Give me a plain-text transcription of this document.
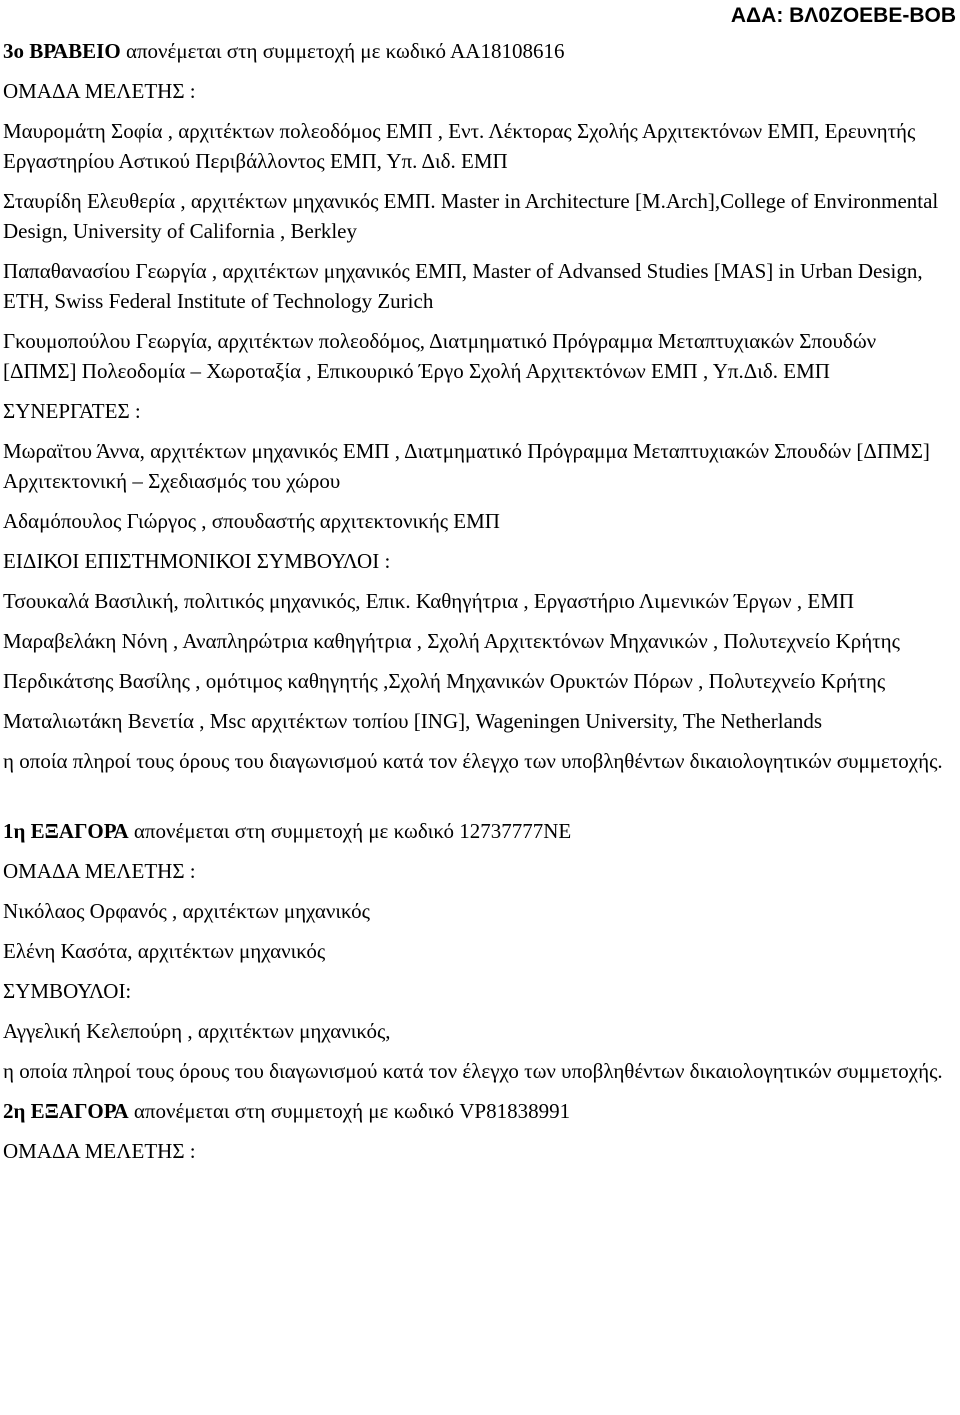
ΑΔΑ: ΒΛ0ΖΟΕΒΕ-ΒΟΒ
3ο ΒΡΑΒΕΙΟ απονέμεται στη συμμετοχή με κωδικό ΑΑ18108616
ΟΜΑΔΑ ΜΕΛΕΤΗΣ :
Μαυρομάτη Σοφία , αρχιτέκτων πολεοδόμος ΕΜΠ , Εντ. Λέκτορας Σχολής Αρχιτεκτόνων ΕΜΠ, Ερευνητής Εργαστηρίου Αστικού Περιβάλλοντος ΕΜΠ, Υπ. Διδ. ΕΜΠ
Σταυρίδη Ελευθερία , αρχιτέκτων μηχανικός ΕΜΠ. Master in Architecture [M.Arch],College of Environmental Design, University of California , Berkley
Παπαθανασίου Γεωργία , αρχιτέκτων μηχανικός ΕΜΠ, Master of Advansed Studies [MAS] in Urban Design, ETH, Swiss Federal Institute of Technology Zurich
Γκουμοπούλου Γεωργία, αρχιτέκτων πολεοδόμος, Διατμηματικό Πρόγραμμα Μεταπτυχιακών Σπουδών [ΔΠΜΣ] Πολεοδομία – Χωροταξία , Επικουρικό Έργο Σχολή Αρχιτεκτόνων ΕΜΠ , Υπ.Διδ. ΕΜΠ
ΣΥΝΕΡΓΑΤΕΣ :
Μωραϊτου Άννα, αρχιτέκτων μηχανικός ΕΜΠ , Διατμηματικό Πρόγραμμα Μεταπτυχιακών Σπουδών [ΔΠΜΣ] Αρχιτεκτονική – Σχεδιασμός του χώρου
Αδαμόπουλος Γιώργος , σπουδαστής αρχιτεκτονικής ΕΜΠ
ΕΙΔΙΚΟΙ ΕΠΙΣΤΗΜΟΝΙΚΟΙ ΣΥΜΒΟΥΛΟΙ :
Τσουκαλά Βασιλική, πολιτικός μηχανικός, Επικ. Καθηγήτρια , Εργαστήριο Λιμενικών Έργων , ΕΜΠ
Μαραβελάκη Νόνη , Αναπληρώτρια καθηγήτρια , Σχολή Αρχιτεκτόνων Μηχανικών , Πολυτεχνείο Κρήτης
Περδικάτσης Βασίλης , ομότιμος καθηγητής ,Σχολή Μηχανικών Ορυκτών Πόρων , Πολυτεχνείο Κρήτης
Ματαλιωτάκη Βενετία , Msc αρχιτέκτων τοπίου [ING], Wageningen University, The Netherlands
η οποία πληροί τους όρους του διαγωνισμού κατά τον έλεγχο των υποβληθέντων δικαιολογητικών συμμετοχής.
1η ΕΞΑΓΟΡΑ απονέμεται στη συμμετοχή με κωδικό 12737777ΝΕ
ΟΜΑΔΑ ΜΕΛΕΤΗΣ :
Νικόλαος Ορφανός , αρχιτέκτων μηχανικός
Ελένη Κασότα, αρχιτέκτων μηχανικός
ΣΥΜΒΟΥΛΟΙ:
Αγγελική Κελεπούρη , αρχιτέκτων μηχανικός,
η οποία πληροί τους όρους του διαγωνισμού κατά τον έλεγχο των υποβληθέντων δικαιολογητικών συμμετοχής.
2η ΕΞΑΓΟΡΑ απονέμεται στη συμμετοχή με κωδικό VP81838991
ΟΜΑΔΑ ΜΕΛΕΤΗΣ :
